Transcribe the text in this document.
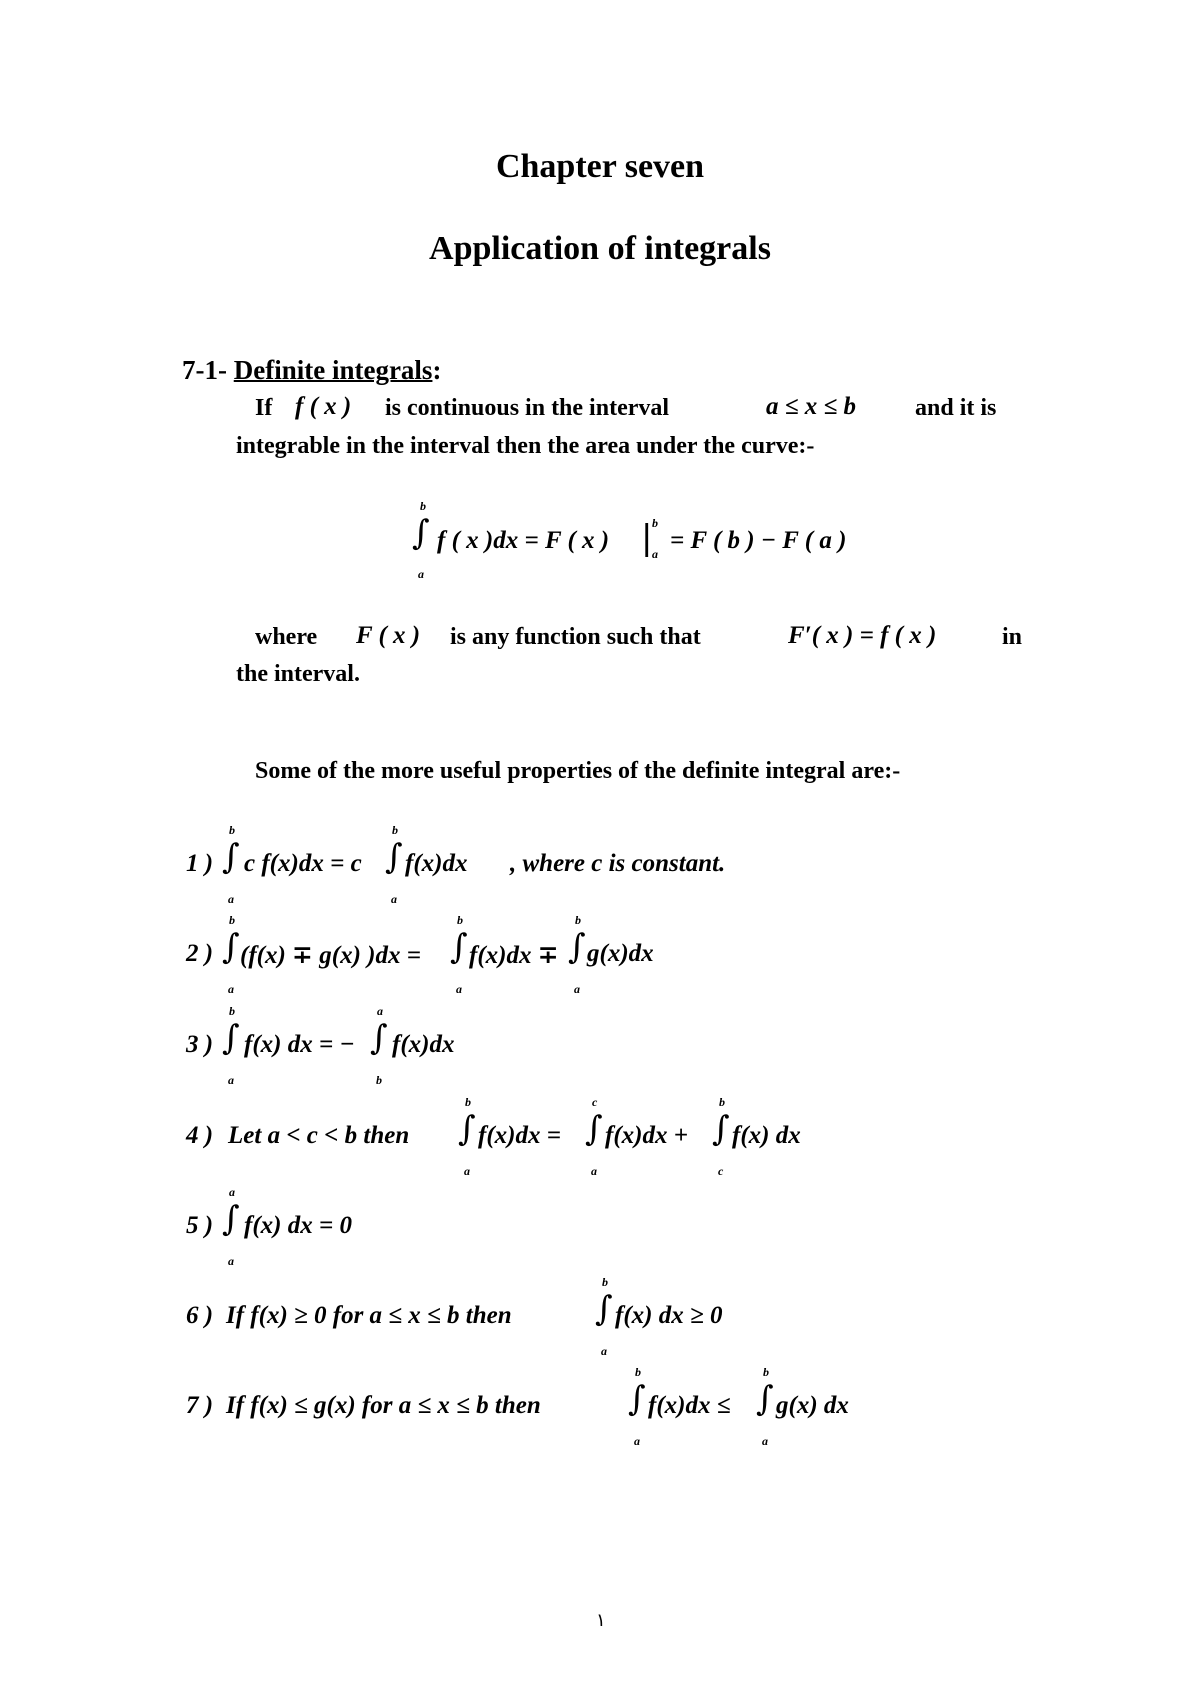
Chapter seven
Application of integrals
7-1- Definite integrals:
If f ( x ) is continuous in the interval	a ≤ x ≤ b and it is
integrable in the interval then the area under the curve:-
∫
b
a
f ( x )dx = F ( x ) | b
a = F ( b ) − F ( a )
where F ( x ) is any function such that	F′( x ) = f ( x )	in
the interval.
Some of the more useful properties of the definite integral are:-
1 ) ∫
b
a
c f(x)dx = c ∫
b
a
f(x)dx , where c is constant.
2 ) ∫
b
a
(f(x) ∓ g(x) )dx = ∫
b
a
f(x)dx ∓ ∫
b
a
g(x)dx
3 ) ∫
b
a
f(x) dx = − ∫
a
b
f(x)dx
4 ) Let a < c < b then ∫
b
a
f(x)dx = ∫
c
a
f(x)dx + ∫
b
c
f(x) dx
5 ) ∫
a
a
f(x) dx = 0
6 ) If f(x) ≥ 0 for a ≤ x ≤ b then ∫
b
a
f(x) dx ≥ 0
7 ) If f(x) ≤ g(x) for a ≤ x ≤ b then	∫
b
a
f(x)dx ≤ ∫
b
a
g(x) dx
١
